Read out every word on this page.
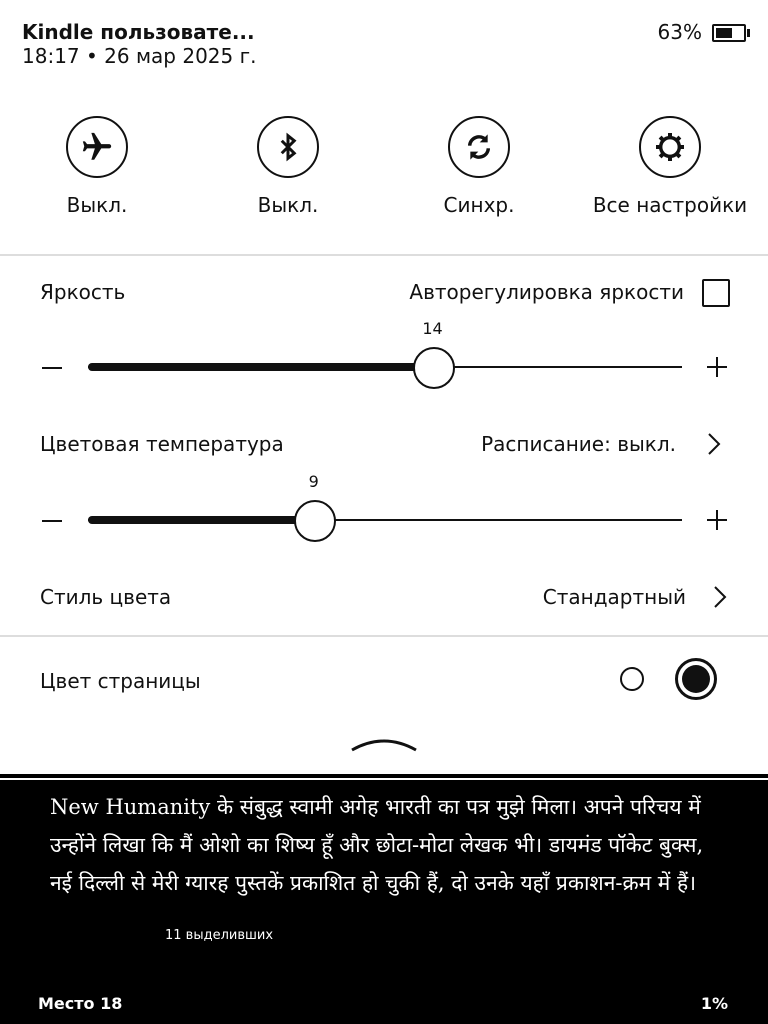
Kindle пользовате...
18:17 • 26 мар 2025 г.
63%
Выкл.	Выкл.	Синхр.	Все настройки
Яркость	Авторегулировка яркости
14
Цветовая температура	Расписание: выкл.
9
Стиль цвета	Стандартный
Цвет страницы
New Humanity के संबुद्ध स्वामी अगेह भारती का पत्र मुझे मिला। अपने परिचय में उन्होंने लिखा कि मैं ओशो का शिष्य हूँ और छोटा-मोटा लेखक भी। डायमंड पॉकेट बुक्स, नई दिल्ली से मेरी ग्यारह पुस्तकें प्रकाशित हो चुकी हैं, दो उनके यहाँ प्रकाशन-क्रम में हैं।
11 выделивших
Место 18	1%
